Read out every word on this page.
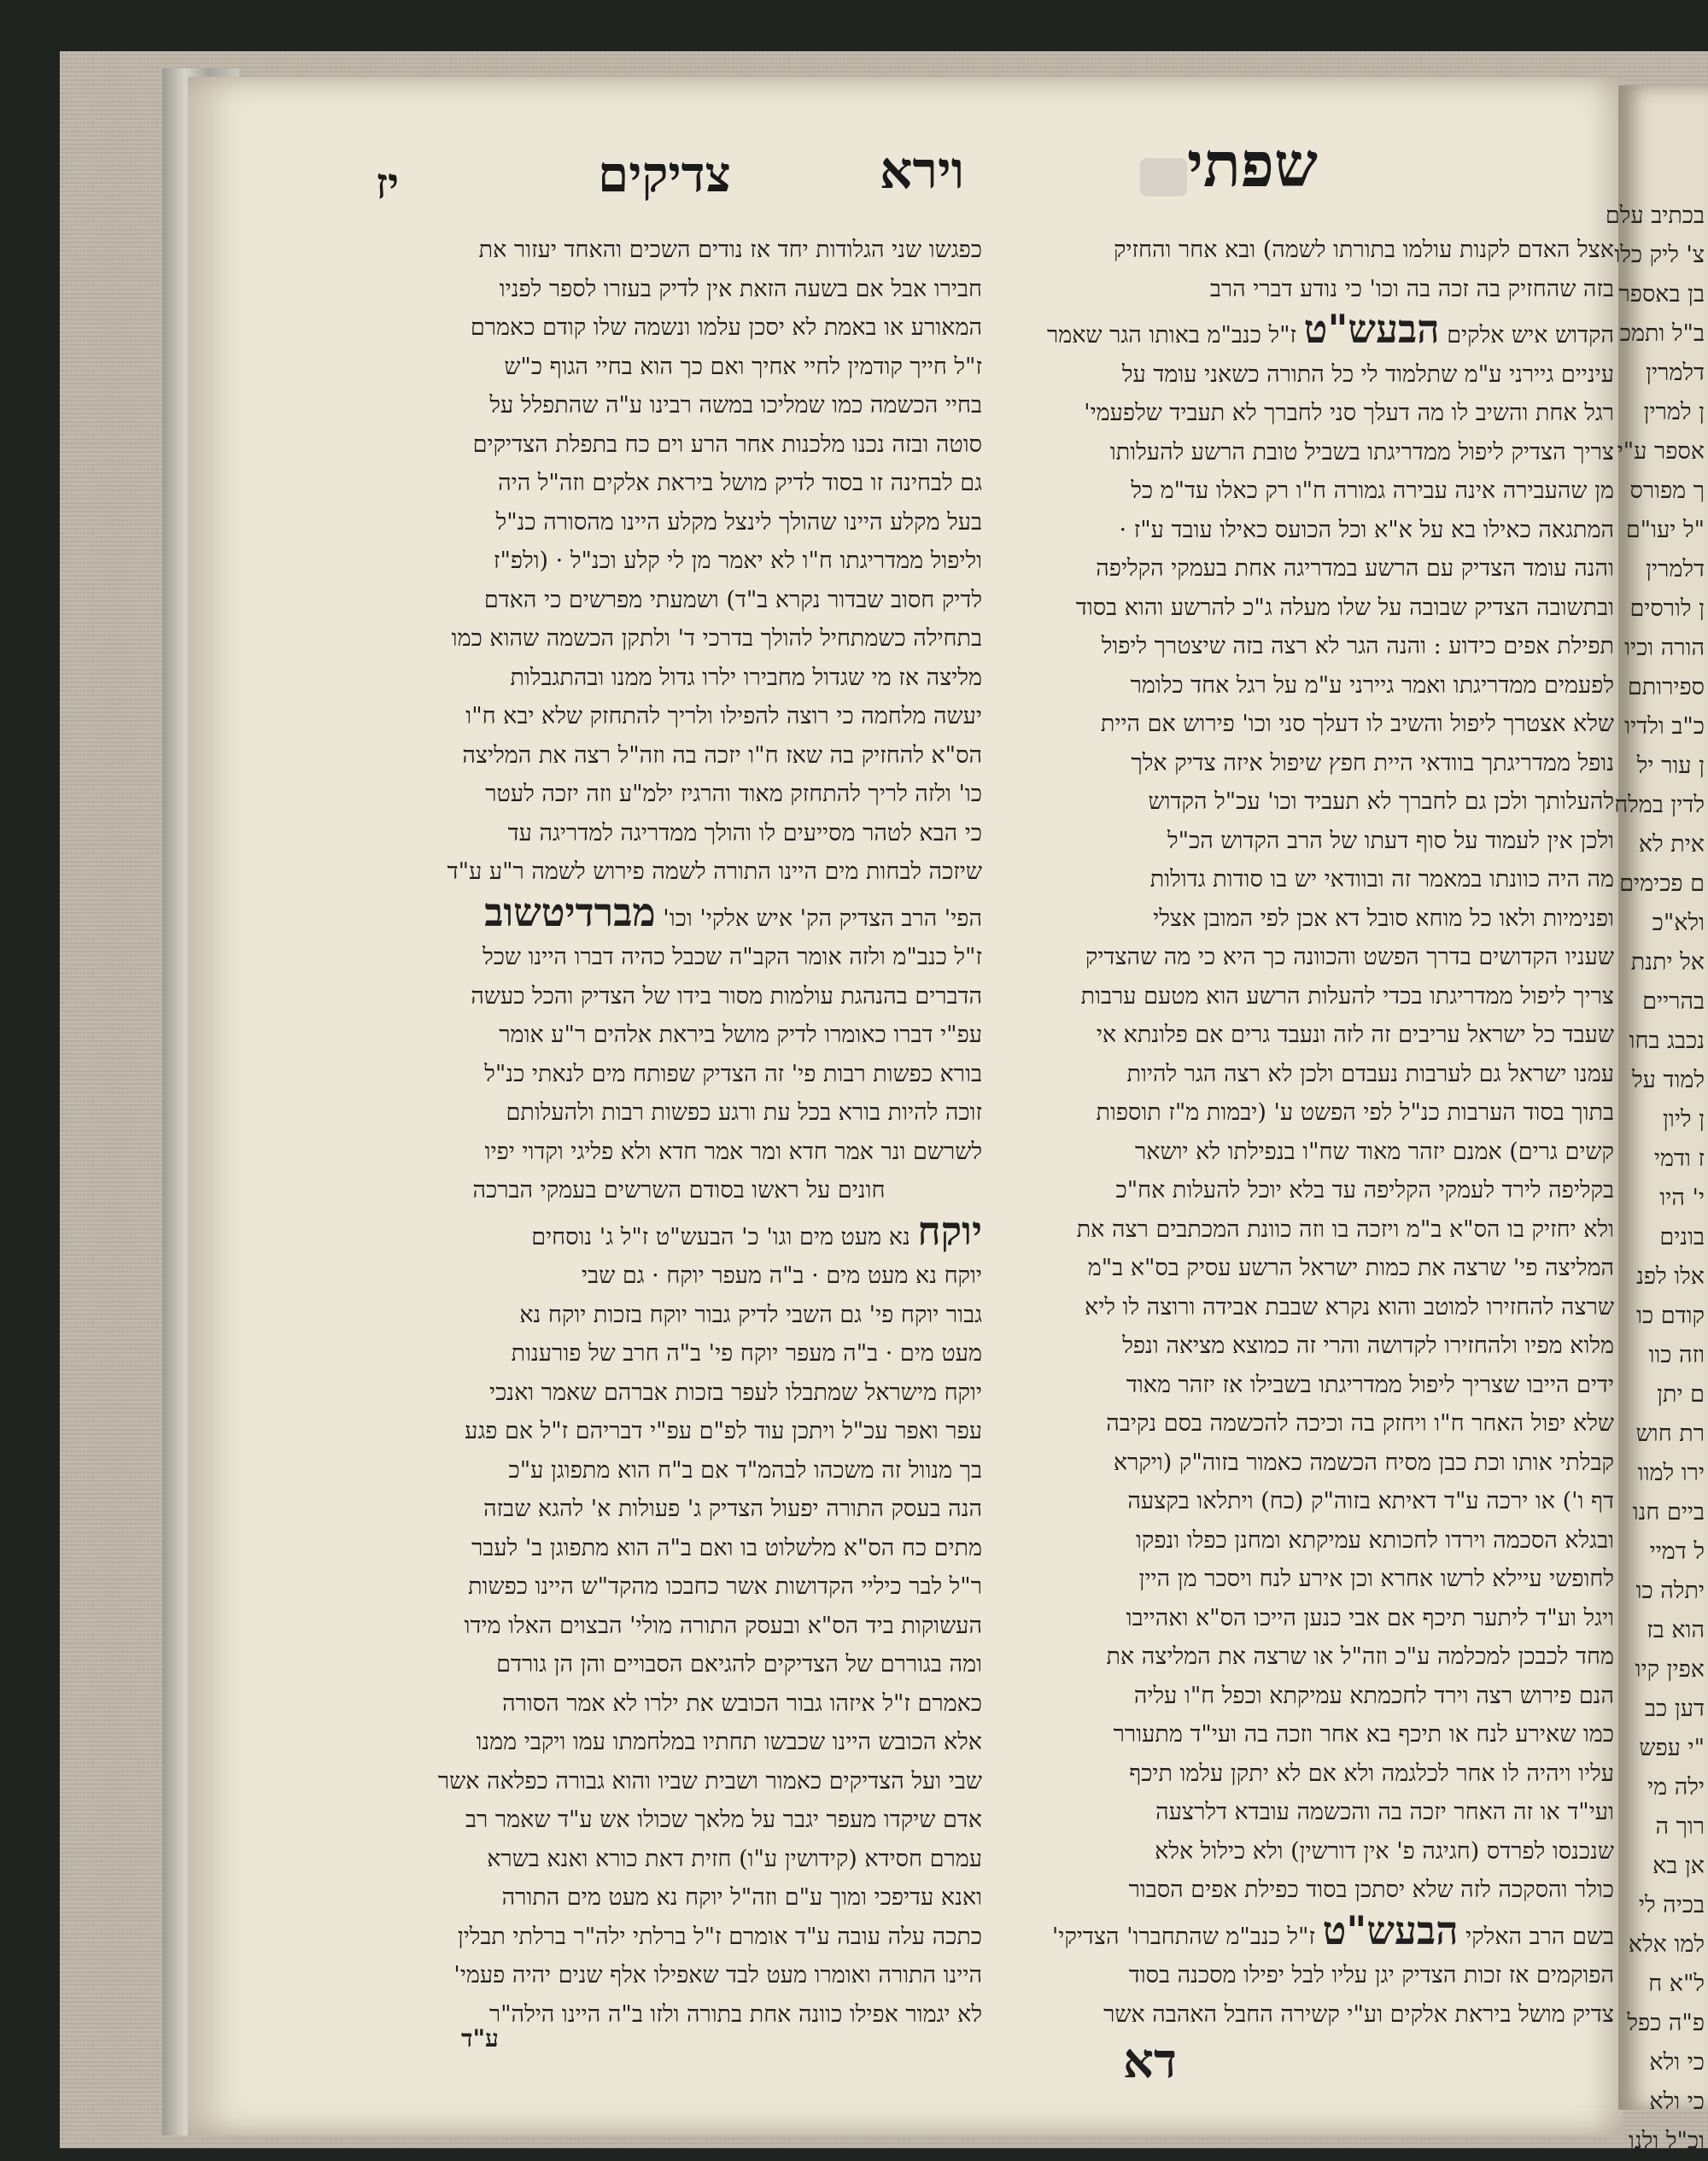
בכתיב עלם
צ' ליק כלו
בן באספר
ב"ל ותמכ
דלמרין
ן למרין
אספר ע"י
ך מפורס
"ל יעו"ם
דלמרין
ן לורסים
הורה וכיו
ספירותם
כ"ב ולדיו
ן עור יל
לדין במלח
אית לא
ם פכימים
ולא"כ
אל יתנת
בהריים
נכבג בחו
למוד על
ן ליון
ז ודמי
י' היו
בונים
אלו לפנ
קודם כו
וזה כוו
ם יתן
רת חוש
ירו למוו
ביים חנו
ל דמיי
יתלה כו
הוא בז
אפין קיו
דען כב
"י עפש
ילה מי
רוך ה
אן בא
בכיה לי
למו אלא
ל"א ח
פ"ה כפל
כי ולא
כי ולא
וכ"ל ולנו
שפתי
וירא
צדיקים
יז

אצל האדם לקנות עולמו בתורתו לשמה) ובא אחר והחזיק

בזה שהחזיק בה זכה בה וכו' כי נודע דברי הרב

הקדוש איש אלקים הבעש"ט ז"ל כנב"מ באותו הגר שאמר

עיניים גיירני ע"מ שתלמוד לי כל התורה כשאני עומד על

רגל אחת והשיב לו מה דעלך סני לחברך לא תעביד שלפעמי'

צריך הצדיק ליפול ממדריגתו בשביל טובת הרשע להעלותו

מן שהעבירה אינה עבירה גמורה ח"ו רק כאלו עד"מ כל

המתגאה כאילו בא על א"א וכל הכועס כאילו עובד ע"ז ·

והנה עומד הצדיק עם הרשע במדריגה אחת בעמקי הקליפה

ובתשובה הצדיק שבובה על שלו מעלה ג"כ להרשע והוא בסוד

תפילת אפים כידוע : והנה הגר לא רצה בזה שיצטרך ליפול

לפעמים ממדריגתו ואמר גיירני ע"מ על רגל אחד כלומר

שלא אצטרך ליפול והשיב לו דעלך סני וכו' פירוש אם היית

נופל ממדריגתך בוודאי היית חפץ שיפול איזה צדיק אלך

להעלותך ולכן גם לחברך לא תעביד וכו' עכ"ל הקדוש

ולכן אין לעמוד על סוף דעתו של הרב הקדוש הכ"ל

מה היה כוונתו במאמר זה ובוודאי יש בו סודות גדולות

ופנימיות ולאו כל מוחא סובל דא אכן לפי המובן אצלי

שעניו הקדושים בדרך הפשט והכוונה כך היא כי מה שהצדיק

צריך ליפול ממדריגתו בכדי להעלות הרשע הוא מטעם ערבות

שעבד כל ישראל עריבים זה לזה ונעבד גרים אם פלונתא אי

עמנו ישראל גם לערבות נעבדם ולכן לא רצה הגר להיות

בתוך בסוד הערבות כנ"ל לפי הפשט ע' (יבמות מ"ז תוספות

קשים גרים) אמנם יזהר מאוד שח"ו בנפילתו לא יושאר

בקליפה לירד לעמקי הקליפה עד בלא יוכל להעלות אח"כ

ולא יחזיק בו הס"א ב"מ ויזכה בו וזה כוונת המכתבים רצה את

המליצה פי' שרצה את כמות ישראל הרשע עסיק בס"א ב"מ

שרצה להחזירו למוטב והוא נקרא שבבת אבידה ורוצה לו ליא

מלוא מפיו ולהחזירו לקדושה והרי זה כמוצא מציאה ונפל

ידים הייבו שצריך ליפול ממדריגתו בשבילו אז יזהר מאוד

שלא יפול האחר ח"ו ויחזק בה וכיכה להכשמה בסם נקיבה

קבלתי אותו וכת כבן מסיח הכשמה כאמור בזוה"ק (ויקרא

דף ו') או ירכה ע"ד דאיתא בזוה"ק (כח) ויתלאו בקצעה

ובגלא הסכמה וירדו לחכותא עמיקתא ומחנן כפלו ונפקו

לחופשי עיילא לרשו אחרא וכן אירע לנח ויסכר מן היין

ויגל וע"ד ליתער תיכף אם אבי כנען הייכו הס"א ואהייבו

מחד לכבכן למכלמה ע"כ וזה"ל או שרצה את המליצה את

הנם פירוש רצה וירד לחכמתא עמיקתא וכפל ח"ו עליה

כמו שאירע לנח או תיכף בא אחר וזכה בה ועי"ד מתעורר

עליו ויהיה לו אחר לכלגמה ולא אם לא יתקן עלמו תיכף

ועי"ד או זה האחר יזכה בה והכשמה עובדא דלרצעה

שנכנסו לפרדס (חגיגה פ' אין דורשין) ולא כילול אלא

כולר והסקכה לזה שלא יסתכן בסוד כפילת אפים הסבור

בשם הרב האלקי הבעש"ט ז"ל כנב"מ שהתחברו' הצדיקי'

הפוקמים אז זכות הצדיק יגן עליו לבל יפילו מסכנה בסוד

צדיק מושל ביראת אלקים וע"י קשירה החבל האהבה אשר

כפגשו שני הגלודות יחד אז נודים השכים והאחד יעזור את

חבירו אבל אם בשעה הזאת אין לדיק בעזרו לספר לפניו

המאורע או באמת לא יסכן עלמו ונשמה שלו קודם כאמרם

ז"ל חייך קודמין לחיי אחיך ואם כך הוא בחיי הגוף כ"ש

בחיי הכשמה כמו שמליכו במשה רבינו ע"ה שהתפלל על

סוטה ובזה נכנו מלכנות אחר הרע וים כח בתפלת הצדיקים

גם לבחינה זו בסוד לדיק מושל ביראת אלקים וזה"ל היה

בעל מקלע היינו שהולך לינצל מקלע היינו מהסורה כנ"ל

וליפול ממדריגתו ח"ו לא יאמר מן לי קלע וכנ"ל · (ולפ"ז

לדיק חסוב שבדור נקרא ב"ד) ושמעתי מפרשים כי האדם

בתחילה כשמתחיל להולך בדרכי ד' ולתקן הכשמה שהוא כמו

מליצה אז מי שגדול מחבירו ילרו גדול ממנו ובהתגבלות

יעשה מלחמה כי רוצה להפילו ולריך להתחזק שלא יבא ח"ו

הס"א להחזיק בה שאז ח"ו יזכה בה וזה"ל רצה את המליצה

כו' ולזה לריך להתחזק מאוד והרגיז ילמ"ע וזה יזכה לעטר

כי הבא לטהר מסייעים לו והולך ממדריגה למדריגה עד

שיזכה לבחות מים היינו התורה לשמה פירוש לשמה ר"ע ע"ד

הפי' הרב הצדיק הק' איש אלקי' וכו' מברדיטשוב

ז"ל כנב"מ ולזה אומר הקב"ה שכבל כהיה דברו היינו שכל

הדברים בהנהגת עולמות מסור בידו של הצדיק והכל כעשה

עפ"י דברו כאומרו לדיק מושל ביראת אלהים ר"ע אומר

בורא כפשות רבות פי' זה הצדיק שפותח מים לנאתי כנ"ל

זוכה להיות בורא בכל עת ורגע כפשות רבות ולהעלותם

לשרשם ונר אמר חדא ומר אמר חדא ולא פליגי וקדוי יפיו

חונים על ראשו בסודם השרשים בעמקי הברכה

יוקח נא מעט מים וגו' כ' הבעש"ט ז"ל ג' נוסחים

יוקח נא מעט מים · ב"ה מעפר יוקח · גם שבי

גבור יוקח פי' גם השבי לדיק גבור יוקח בזכות יוקח נא

מעט מים · ב"ה מעפר יוקח פי' ב"ה חרב של פורענות

יוקח מישראל שמתבלו לעפר בזכות אברהם שאמר ואנכי

עפר ואפר עכ"ל ויתכן עוד לפ"ם עפ"י דבריהם ז"ל אם פגע

בך מנוול זה משכהו לבהמ"ד אם ב"ח הוא מתפוגן ע"כ

הנה בעסק התורה יפעול הצדיק ג' פעולות א' להגא שבזה

מתים כח הס"א מלשלוט בו ואם ב"ה הוא מתפוגן ב' לעבר

ר"ל לבר כיליי הקדושות אשר כחבכו מהקד"ש היינו כפשות

העשוקות ביד הס"א ובעסק התורה מולי' הבצוים האלו מידו

ומה בגוררם של הצדיקים להגיאם הסבויים והן הן גורדם

כאמרם ז"ל איזהו גבור הכובש את ילרו לא אמר הסורה

אלא הכובש היינו שכבשו תחתיו במלחמתו עמו ויקבי ממנו

שבי ועל הצדיקים כאמור ושבית שביו והוא גבורה כפלאה אשר

אדם שיקדו מעפר יגבר על מלאך שכולו אש ע"ד שאמר רב

עמרם חסידא (קידושין ע"ו) חזית דאת כורא ואנא בשרא

ואנא עדיפכי ומוך ע"ם וזה"ל יוקח נא מעט מים התורה

כתכה עלה עובה ע"ד אומרם ז"ל ברלתי ילה"ר ברלתי תבלין

היינו התורה ואומרו מעט לבד שאפילו אלף שנים יהיה פעמי'

לא יגמור אפילו כוונה אחת בתורה ולזו ב"ה היינו הילה"ר

ע"ד	דא
